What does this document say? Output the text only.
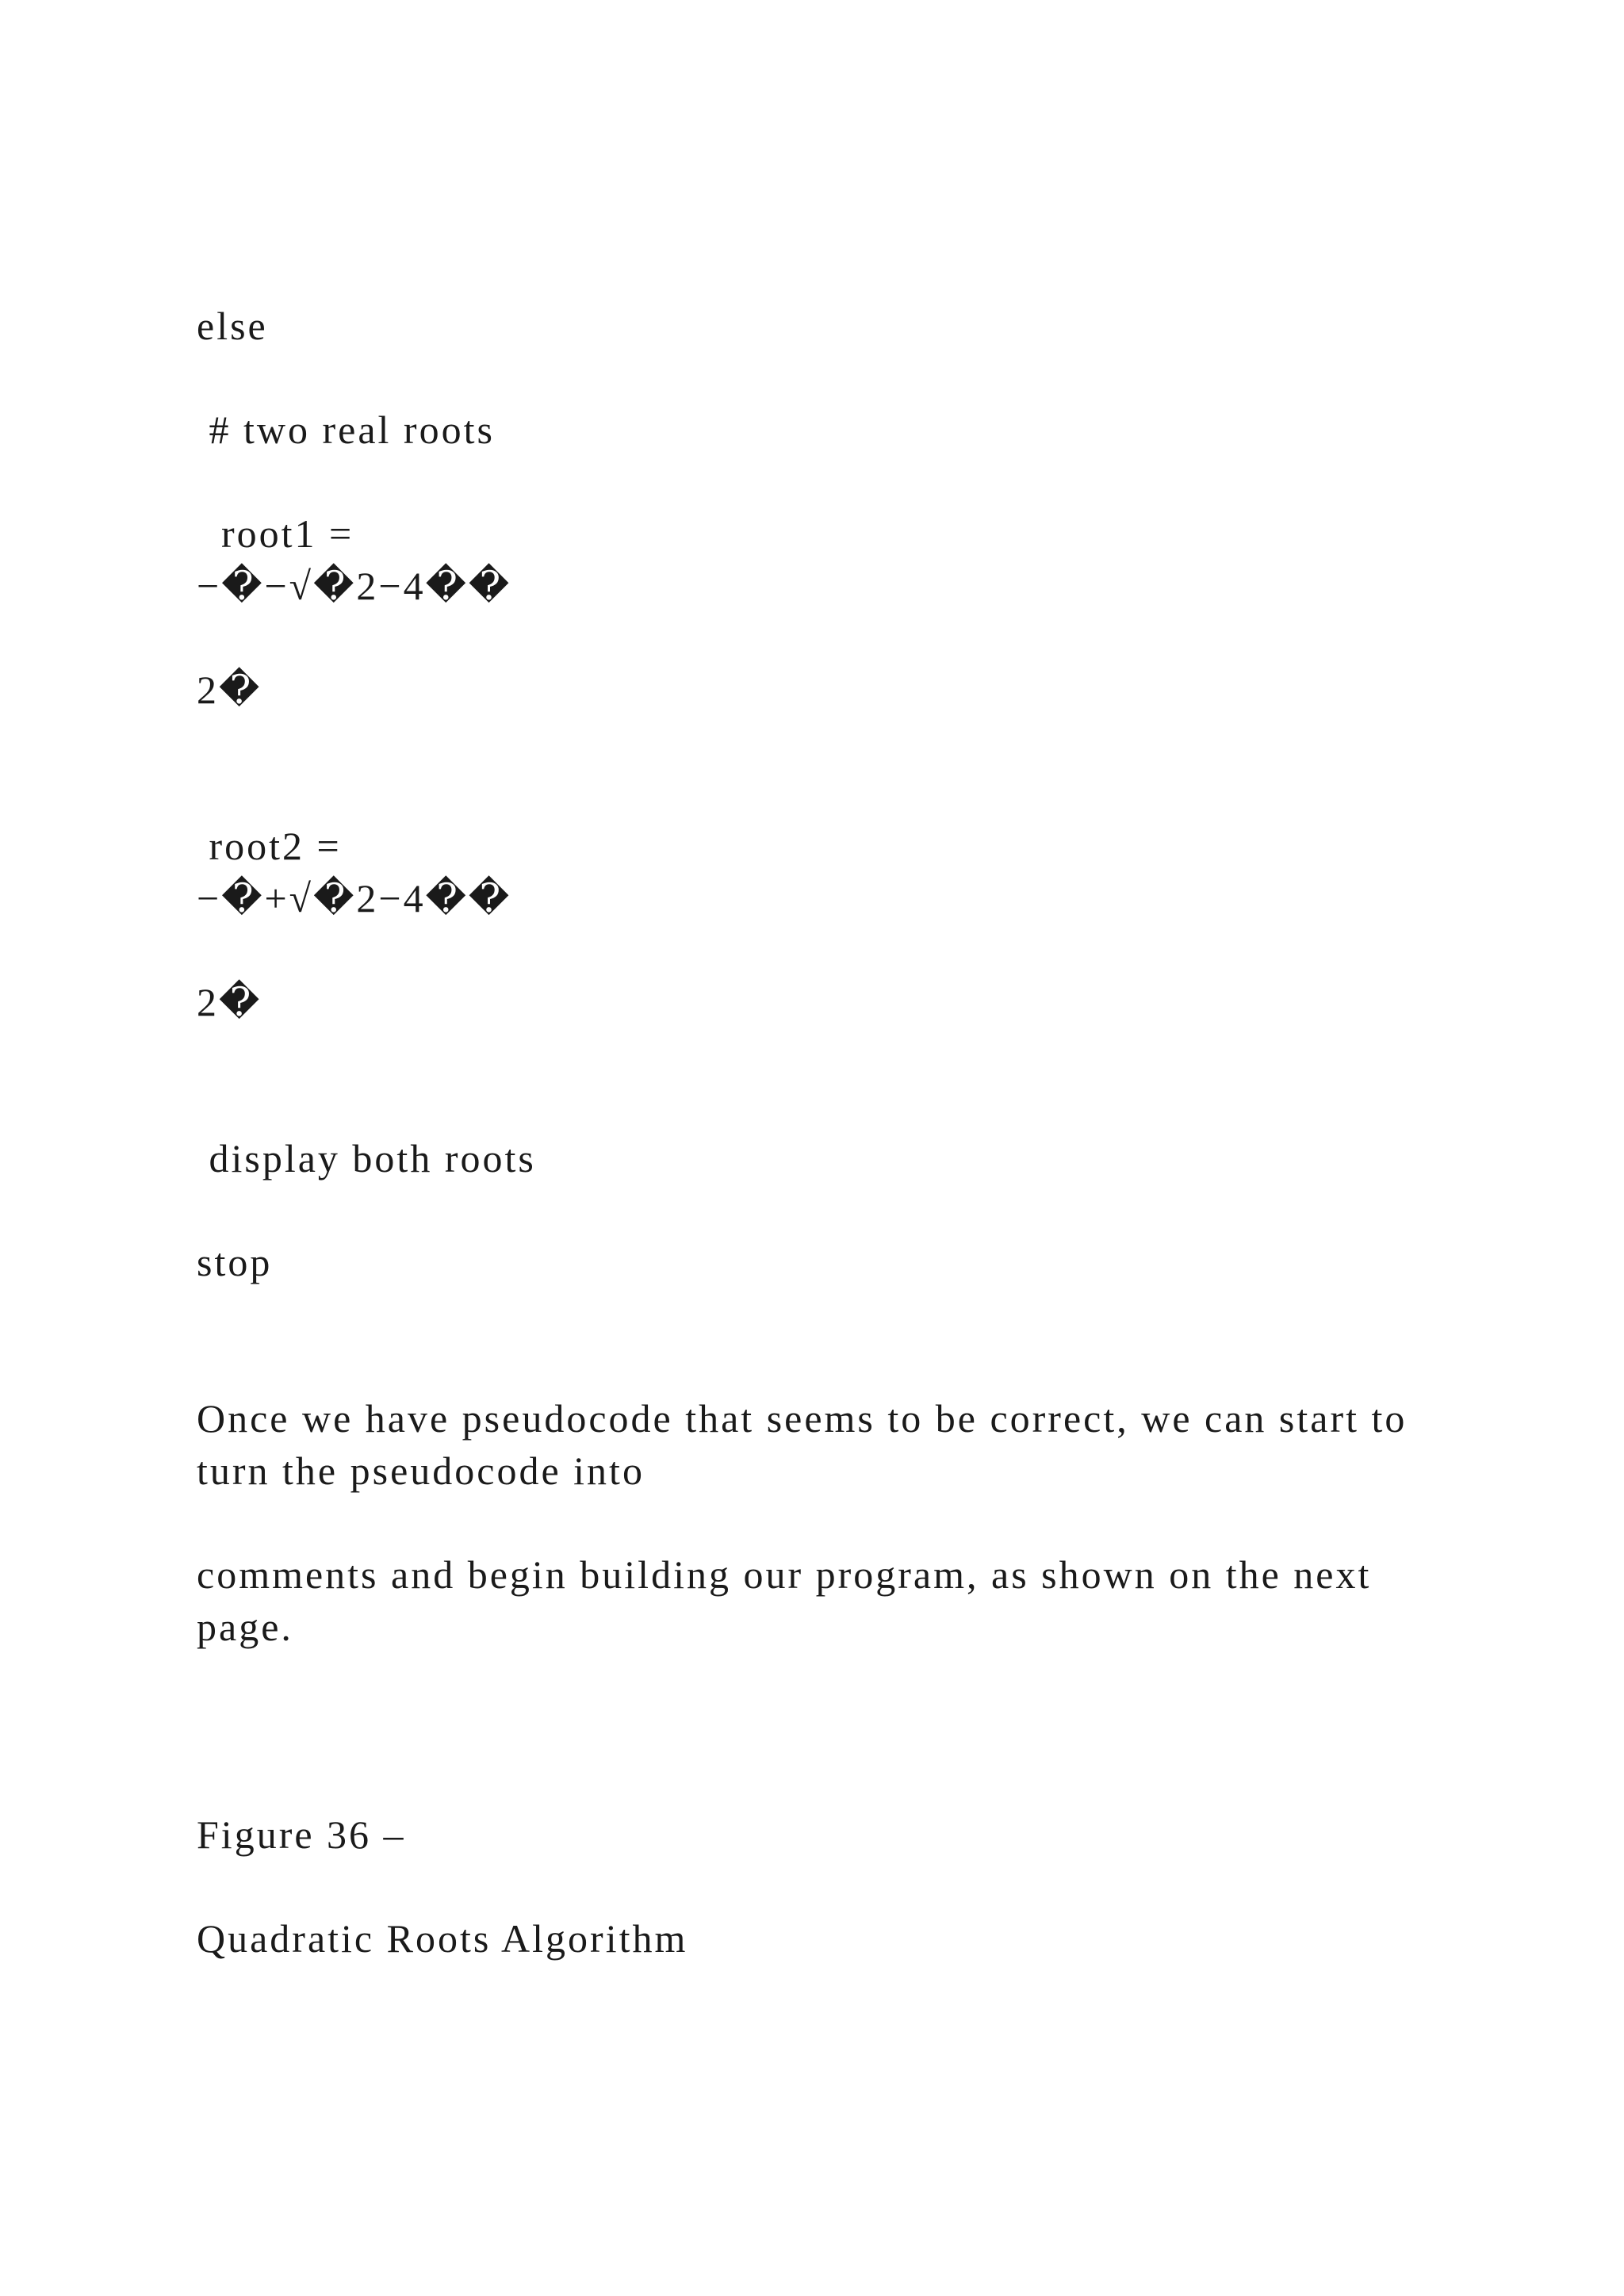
else

# two real roots

root1 =

−�−√�2−4��

2�

root2 =

−�+√�2−4��

2�

display both roots

stop

Once we have pseudocode that seems to be correct, we can start to turn the pseudocode into

comments and begin building our program, as shown on the next page.

Figure 36 –

Quadratic Roots Algorithm
